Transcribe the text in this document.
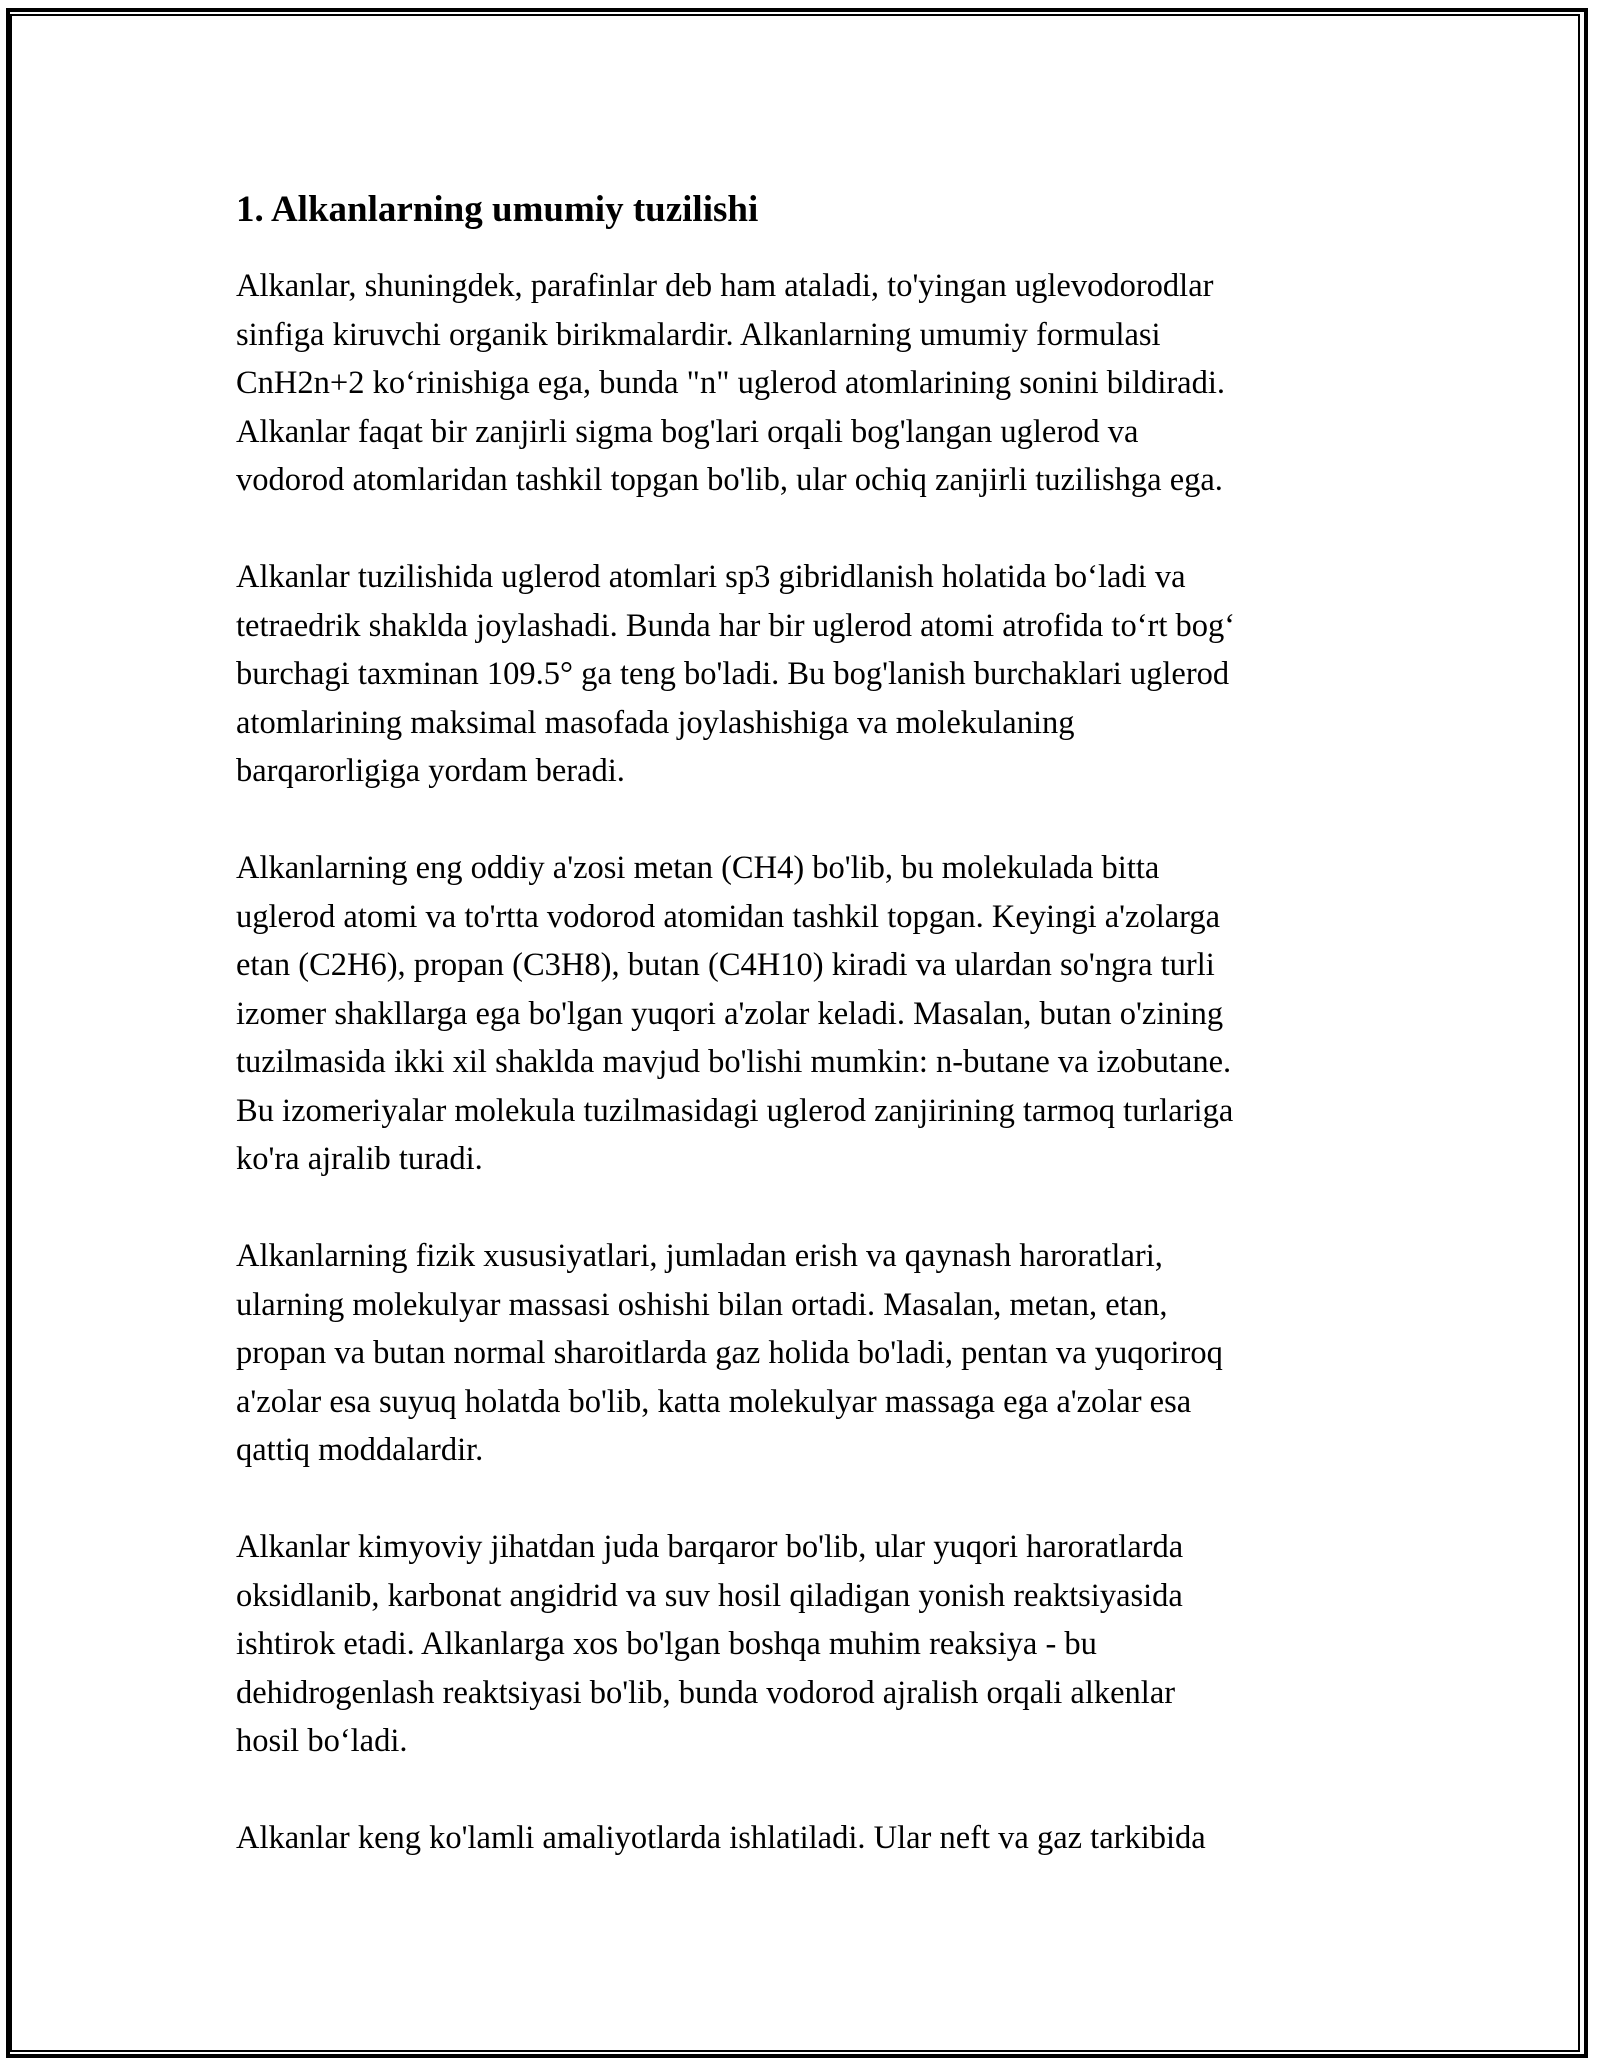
1. Alkanlarning umumiy tuzilishi

Alkanlar, shuningdek, parafinlar deb ham ataladi, to'yingan uglevodorodlar
sinfiga kiruvchi organik birikmalardir. Alkanlarning umumiy formulasi
CnH2n+2 ko‘rinishiga ega, bunda "n" uglerod atomlarining sonini bildiradi.
Alkanlar faqat bir zanjirli sigma bog'lari orqali bog'langan uglerod va
vodorod atomlaridan tashkil topgan bo'lib, ular ochiq zanjirli tuzilishga ega.

Alkanlar tuzilishida uglerod atomlari sp3 gibridlanish holatida bo‘ladi va
tetraedrik shaklda joylashadi. Bunda har bir uglerod atomi atrofida to‘rt bog‘
burchagi taxminan 109.5° ga teng bo'ladi. Bu bog'lanish burchaklari uglerod
atomlarining maksimal masofada joylashishiga va molekulaning
barqarorligiga yordam beradi.

Alkanlarning eng oddiy a'zosi metan (CH4) bo'lib, bu molekulada bitta
uglerod atomi va to'rtta vodorod atomidan tashkil topgan. Keyingi a'zolarga
etan (C2H6), propan (C3H8), butan (C4H10) kiradi va ulardan so'ngra turli
izomer shakllarga ega bo'lgan yuqori a'zolar keladi. Masalan, butan o'zining
tuzilmasida ikki xil shaklda mavjud bo'lishi mumkin: n-butane va izobutane.
Bu izomeriyalar molekula tuzilmasidagi uglerod zanjirining tarmoq turlariga
ko'ra ajralib turadi.

Alkanlarning fizik xususiyatlari, jumladan erish va qaynash haroratlari,
ularning molekulyar massasi oshishi bilan ortadi. Masalan, metan, etan,
propan va butan normal sharoitlarda gaz holida bo'ladi, pentan va yuqoriroq
a'zolar esa suyuq holatda bo'lib, katta molekulyar massaga ega a'zolar esa
qattiq moddalardir.

Alkanlar kimyoviy jihatdan juda barqaror bo'lib, ular yuqori haroratlarda
oksidlanib, karbonat angidrid va suv hosil qiladigan yonish reaktsiyasida
ishtirok etadi. Alkanlarga xos bo'lgan boshqa muhim reaksiya - bu
dehidrogenlash reaktsiyasi bo'lib, bunda vodorod ajralish orqali alkenlar
hosil bo‘ladi.

Alkanlar keng ko'lamli amaliyotlarda ishlatiladi. Ular neft va gaz tarkibida
